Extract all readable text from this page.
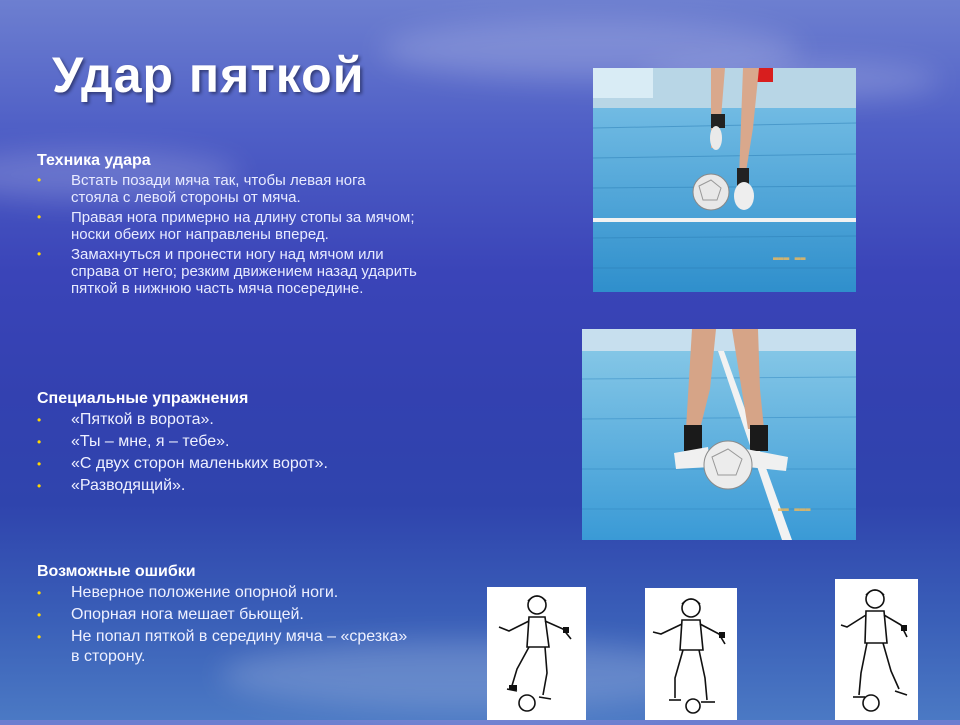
Удар пяткой
Техника удара
• Встать позади мяча так, чтобы левая нога стояла с левой стороны от мяча.
• Правая нога примерно на длину стопы за мячом; носки обеих ног направлены вперед.
• Замахнуться и пронести ногу над мячом или справа от него; резким движением назад ударить пяткой в нижнюю часть мяча посередине.
Специальные упражнения
• «Пяткой в ворота».
• «Ты – мне, я – тебе».
• «С двух сторон маленьких ворот».
• «Разводящий».
Возможные ошибки
• Неверное положение опорной ноги.
• Опорная нога мешает бьющей.
• Не попал пяткой в середину мяча – «срезка» в сторону.
▬▬▬ ▬▬
▬▬ ▬▬▬
